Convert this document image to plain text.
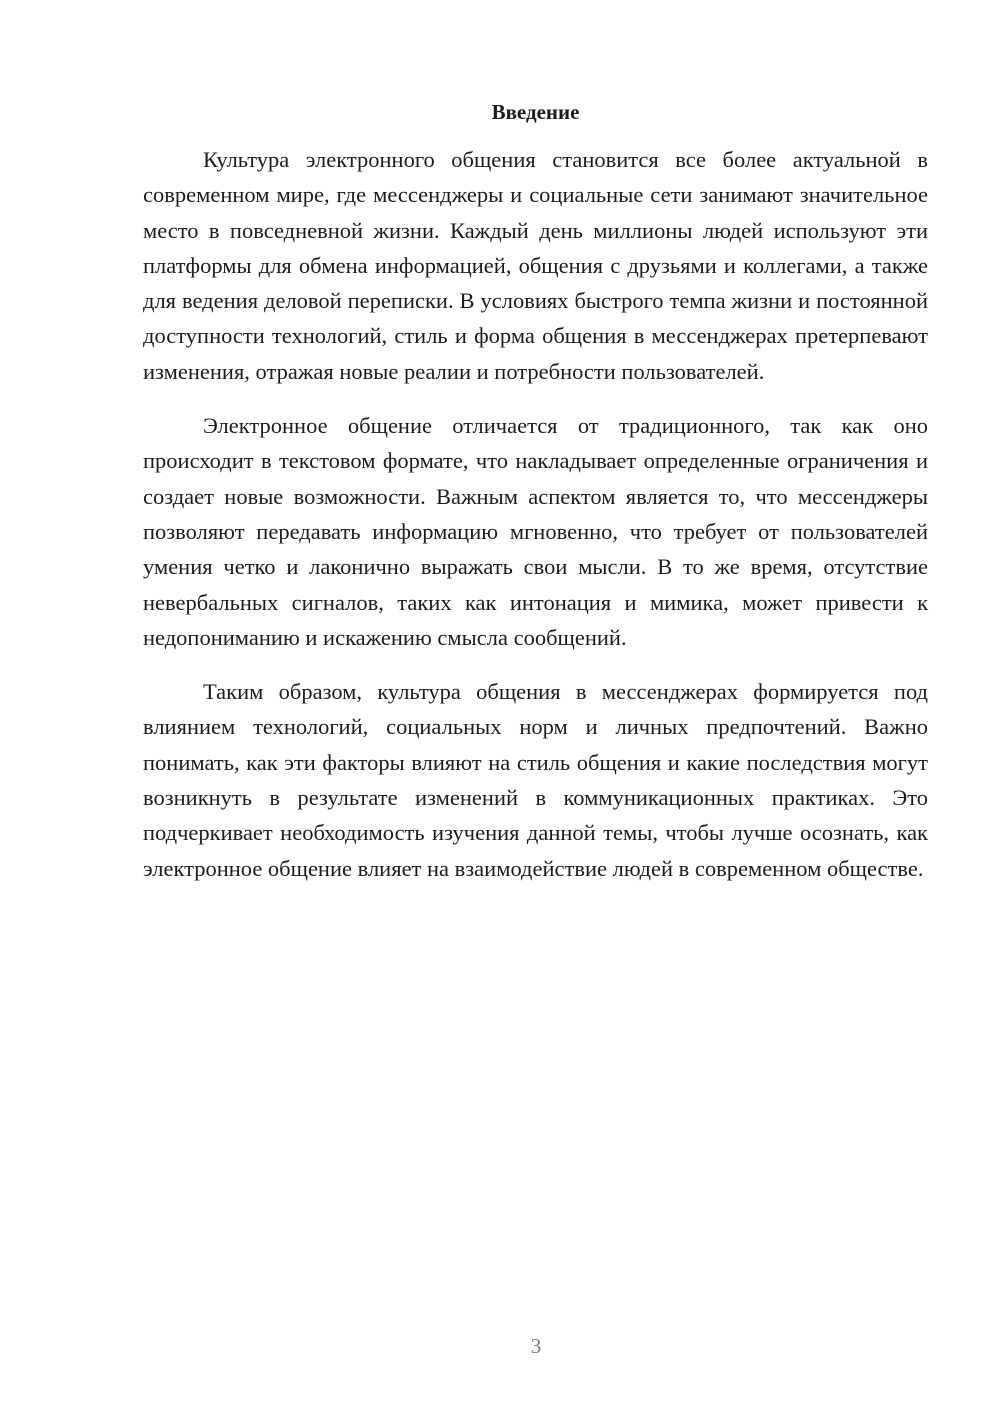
Введение

Культура электронного общения становится все более актуальной в современном мире, где мессенджеры и социальные сети занимают значительное место в повседневной жизни. Каждый день миллионы людей используют эти платформы для обмена информацией, общения с друзьями и коллегами, а также для ведения деловой переписки. В условиях быстрого темпа жизни и постоянной доступности технологий, стиль и форма общения в мессенджерах претерпевают изменения, отражая новые реалии и потребности пользователей.

Электронное общение отличается от традиционного, так как оно происходит в текстовом формате, что накладывает определенные ограничения и создает новые возможности. Важным аспектом является то, что мессенджеры позволяют передавать информацию мгновенно, что требует от пользователей умения четко и лаконично выражать свои мысли. В то же время, отсутствие невербальных сигналов, таких как интонация и мимика, может привести к недопониманию и искажению смысла сообщений.

Таким образом, культура общения в мессенджерах формируется под влиянием технологий, социальных норм и личных предпочтений. Важно понимать, как эти факторы влияют на стиль общения и какие последствия могут возникнуть в результате изменений в коммуникационных практиках. Это подчеркивает необходимость изучения данной темы, чтобы лучше осознать, как электронное общение влияет на взаимодействие людей в современном обществе.

3
